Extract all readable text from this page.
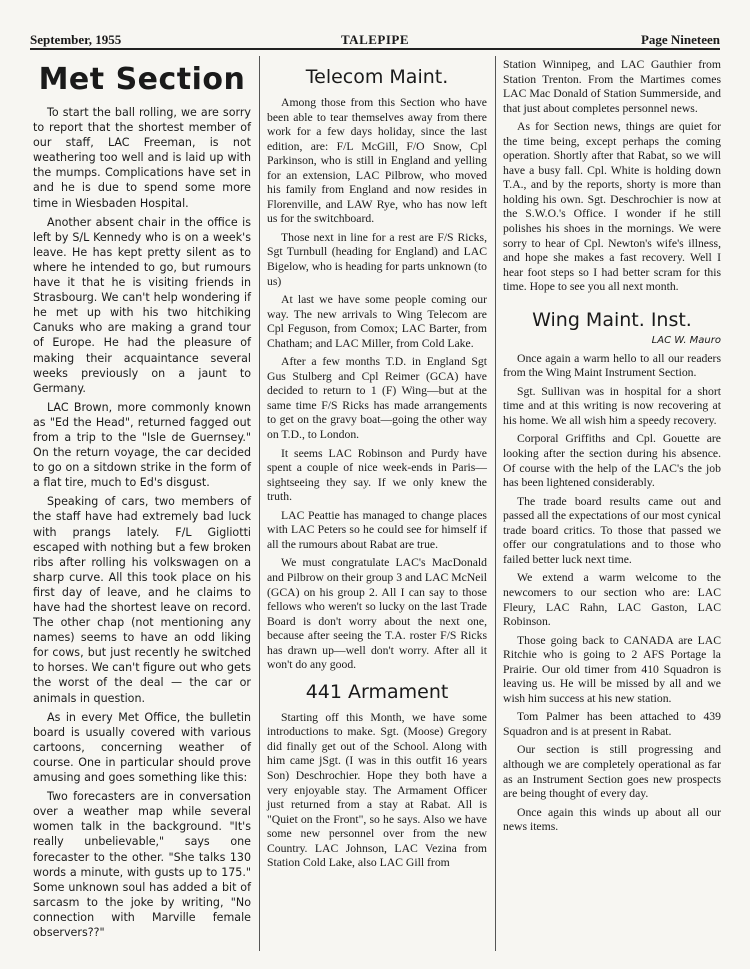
September, 1955	TALEPIPE	Page Nineteen
Met Section

To start the ball rolling, we are sorry to report that the shortest member of our staff, LAC Freeman, is not weathering too well and is laid up with the mumps. Complications have set in and he is due to spend some more time in Wiesbaden Hospital.

Another absent chair in the office is left by S/L Kennedy who is on a week's leave. He has kept pretty silent as to where he intended to go, but rumours have it that he is visiting friends in Strasbourg. We can't help wondering if he met up with his two hitchiking Canuks who are making a grand tour of Europe. He had the pleasure of making their acquaintance several weeks previously on a jaunt to Germany.

LAC Brown, more commonly known as "Ed the Head", returned fagged out from a trip to the "Isle de Guernsey." On the return voyage, the car decided to go on a sitdown strike in the form of a flat tire, much to Ed's disgust.

Speaking of cars, two members of the staff have had extremely bad luck with prangs lately. F/L Gigliotti escaped with nothing but a few broken ribs after rolling his volkswagen on a sharp curve. All this took place on his first day of leave, and he claims to have had the shortest leave on record. The other chap (not mentioning any names) seems to have an odd liking for cows, but just recently he switched to horses. We can't figure out who gets the worst of the deal — the car or animals in question.

As in every Met Office, the bulletin board is usually covered with various cartoons, concerning weather of course. One in particular should prove amusing and goes something like this:

Two forecasters are in conversation over a weather map while several women talk in the background. "It's really unbelievable," says one forecaster to the other. "She talks 130 words a minute, with gusts up to 175." Some unknown soul has added a bit of sarcasm to the joke by writing, "No connection with Marville female observers??"

Telecom Maint.

Among those from this Section who have been able to tear themselves away from there work for a few days holiday, since the last edition, are: F/L McGill, F/O Snow, Cpl Parkinson, who is still in England and yelling for an extension, LAC Pilbrow, who moved his family from England and now resides in Florenville, and LAW Rye, who has now left us for the switchboard.

Those next in line for a rest are F/S Ricks, Sgt Turnbull (heading for England) and LAC Bigelow, who is heading for parts unknown (to us)

At last we have some people coming our way. The new arrivals to Wing Telecom are Cpl Feguson, from Comox; LAC Barter, from Chatham; and LAC Miller, from Cold Lake.

After a few months T.D. in England Sgt Gus Stulberg and Cpl Reimer (GCA) have decided to return to 1 (F) Wing—but at the same time F/S Ricks has made arrangements to get on the gravy boat—going the other way on T.D., to London.

It seems LAC Robinson and Purdy have spent a couple of nice week-ends in Paris—sightseeing they say. If we only knew the truth.

LAC Peattie has managed to change places with LAC Peters so he could see for himself if all the rumours about Rabat are true.

We must congratulate LAC's MacDonald and Pilbrow on their group 3 and LAC McNeil (GCA) on his group 2. All I can say to those fellows who weren't so lucky on the last Trade Board is don't worry about the next one, because after seeing the T.A. roster F/S Ricks has drawn up—well don't worry. After all it won't do any good.

441 Armament

Starting off this Month, we have some introductions to make. Sgt. (Moose) Gregory did finally get out of the School. Along with him came jSgt. (I was in this outfit 16 years Son) Deschrochier. Hope they both have a very enjoyable stay. The Armament Officer just returned from a stay at Rabat. All is "Quiet on the Front", so he says. Also we have some new personnel over from the new Country. LAC Johnson, LAC Vezina from Station Cold Lake, also LAC Gill from

Station Winnipeg, and LAC Gauthier from Station Trenton. From the Martimes comes LAC Mac Donald of Station Summerside, and that just about completes personnel news.

As for Section news, things are quiet for the time being, except perhaps the coming operation. Shortly after that Rabat, so we will have a busy fall. Cpl. White is holding down T.A., and by the reports, shorty is more than holding his own. Sgt. Deschrochier is now at the S.W.O.'s Office. I wonder if he still polishes his shoes in the mornings. We were sorry to hear of Cpl. Newton's wife's illness, and hope she makes a fast recovery. Well I hear foot steps so I had better scram for this time. Hope to see you all next month.

Wing Maint. Inst.
LAC W. Mauro

Once again a warm hello to all our readers from the Wing Maint Instrument Section.

Sgt. Sullivan was in hospital for a short time and at this writing is now recovering at his home. We all wish him a speedy recovery.

Corporal Griffiths and Cpl. Gouette are looking after the section during his absence. Of course with the help of the LAC's the job has been lightened considerably.

The trade board results came out and passed all the expectations of our most cynical trade board critics. To those that passed we offer our congratulations and to those who failed better luck next time.

We extend a warm welcome to the newcomers to our section who are: LAC Fleury, LAC Rahn, LAC Gaston, LAC Robinson.

Those going back to CANADA are LAC Ritchie who is going to 2 AFS Portage la Prairie. Our old timer from 410 Squadron is leaving us. He will be missed by all and we wish him success at his new station.

Tom Palmer has been attached to 439 Squadron and is at present in Rabat.

Our section is still progressing and although we are completely operational as far as an Instrument Section goes new prospects are being thought of every day.

Once again this winds up about all our news items.
